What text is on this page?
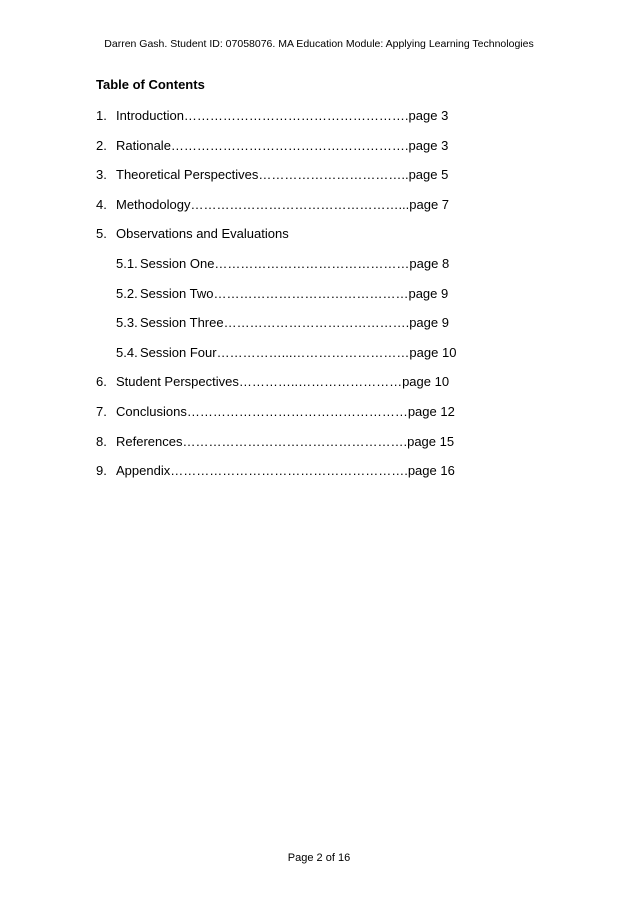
Darren Gash. Student ID: 07058076. MA Education Module: Applying Learning Technologies
Table of Contents
1. Introduction…………………………………………….page 3
2. Rationale……………………………………………….page 3
3. Theoretical Perspectives……………………………..page 5
4. Methodology…………………………………………...page 7
5. Observations and Evaluations
5.1. Session One………………………………………page 8
5.2. Session Two………………………………………page 9
5.3. Session Three…………………………………….page 9
5.4. Session Four……………...………………………page 10
6. Student Perspectives…………..……………………page 10
7. Conclusions……………………………………………page 12
8. References…………………………………………….page 15
9. Appendix……………………………………………….page 16
Page 2 of 16
